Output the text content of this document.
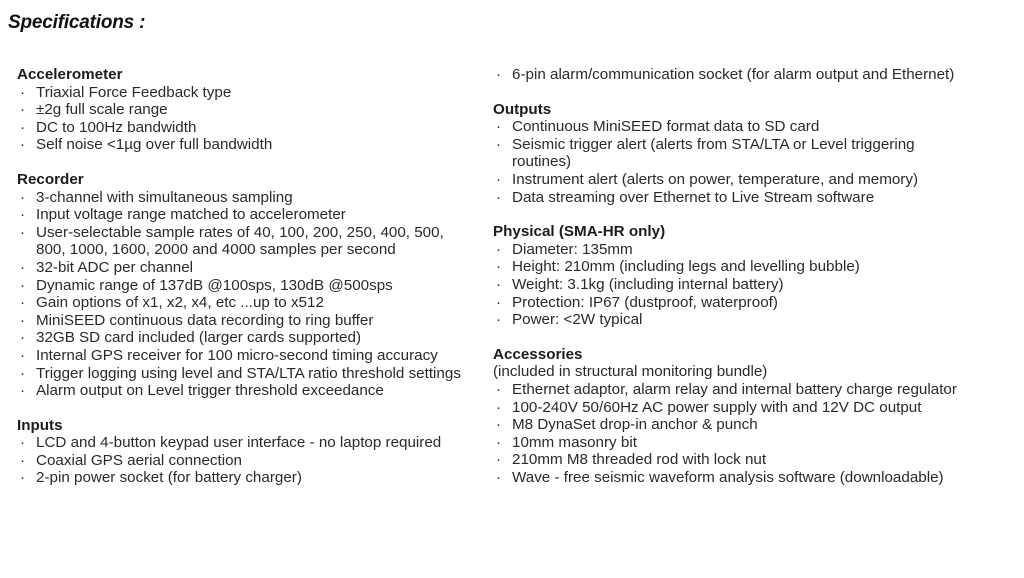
Specifications :
Accelerometer
· Triaxial Force Feedback type
· ±2g full scale range
· DC to 100Hz bandwidth
· Self noise <1µg over full bandwidth
Recorder
· 3-channel with simultaneous sampling
· Input voltage range matched to accelerometer
· User-selectable sample rates of 40, 100, 200, 250, 400, 500, 800, 1000, 1600, 2000 and 4000 samples per second
· 32-bit ADC per channel
· Dynamic range of 137dB @100sps, 130dB @500sps
· Gain options of x1, x2, x4, etc ...up to x512
· MiniSEED continuous data recording to ring buffer
· 32GB SD card included (larger cards supported)
· Internal GPS receiver for 100 micro-second timing accuracy
· Trigger logging using level and STA/LTA ratio threshold settings
· Alarm output on Level trigger threshold exceedance
Inputs
· LCD and 4-button keypad user interface - no laptop required
· Coaxial GPS aerial connection
· 2-pin power socket (for battery charger)
· 6-pin alarm/communication socket (for alarm output and Ethernet)
Outputs
· Continuous MiniSEED format data to SD card
· Seismic trigger alert (alerts from STA/LTA or Level triggering routines)
· Instrument alert (alerts on power, temperature, and memory)
· Data streaming over Ethernet to Live Stream software
Physical (SMA-HR only)
· Diameter: 135mm
· Height: 210mm (including legs and levelling bubble)
· Weight: 3.1kg (including internal battery)
· Protection: IP67 (dustproof, waterproof)
· Power: <2W typical
Accessories
(included in structural monitoring bundle)
· Ethernet adaptor, alarm relay and internal battery charge regulator
· 100-240V 50/60Hz AC power supply with and 12V DC output
· M8 DynaSet drop-in anchor & punch
· 10mm masonry bit
· 210mm M8 threaded rod with lock nut
· Wave - free seismic waveform analysis software (downloadable)
